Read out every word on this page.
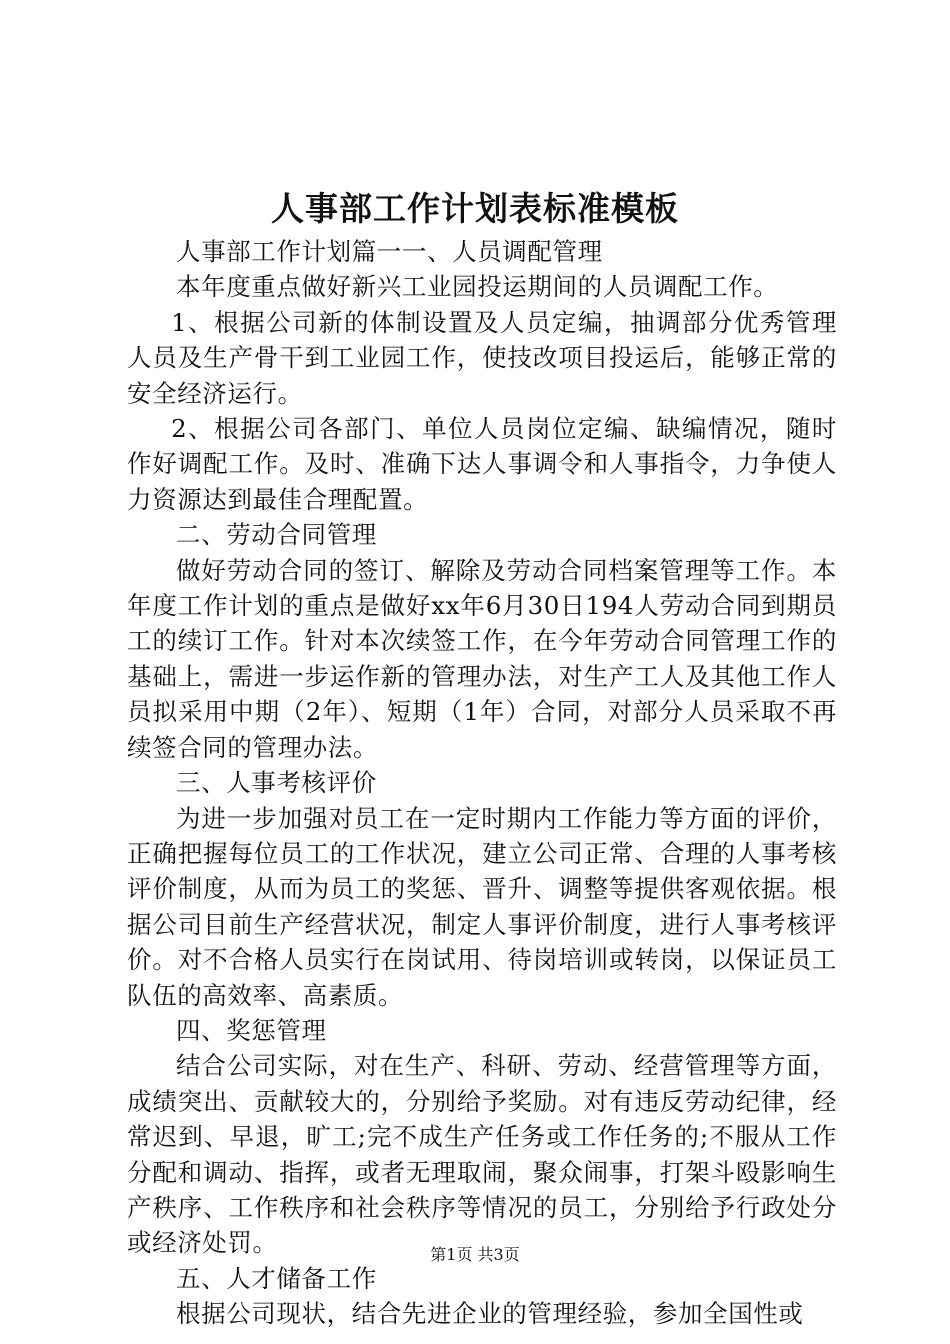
人事部工作计划表标准模板

人事部工作计划篇一一、人员调配管理

本年度重点做好新兴工业园投运期间的人员调配工作。

1、根据公司新的体制设置及人员定编，抽调部分优秀管理人员及生产骨干到工业园工作，使技改项目投运后，能够正常的安全经济运行。

2、根据公司各部门、单位人员岗位定编、缺编情况，随时作好调配工作。及时、准确下达人事调令和人事指令，力争使人力资源达到最佳合理配置。

二、劳动合同管理

做好劳动合同的签订、解除及劳动合同档案管理等工作。本年度工作计划的重点是做好xx年6月30日194人劳动合同到期员工的续订工作。针对本次续签工作，在今年劳动合同管理工作的基础上，需进一步运作新的管理办法，对生产工人及其他工作人员拟采用中期（2年）、短期（1年）合同，对部分人员采取不再续签合同的管理办法。

三、人事考核评价

为进一步加强对员工在一定时期内工作能力等方面的评价，正确把握每位员工的工作状况，建立公司正常、合理的人事考核评价制度，从而为员工的奖惩、晋升、调整等提供客观依据。根据公司目前生产经营状况，制定人事评价制度，进行人事考核评价。对不合格人员实行在岗试用、待岗培训或转岗，以保证员工队伍的高效率、高素质。

四、奖惩管理

结合公司实际，对在生产、科研、劳动、经营管理等方面，成绩突出、贡献较大的，分别给予奖励。对有违反劳动纪律，经常迟到、早退，旷工;完不成生产任务或工作任务的;不服从工作分配和调动、指挥，或者无理取闹，聚众闹事，打架斗殴影响生产秩序、工作秩序和社会秩序等情况的员工，分别给予行政处分或经济处罚。

五、人才储备工作

根据公司现状，结合先进企业的管理经验，参加全国性或

第1页 共3页
